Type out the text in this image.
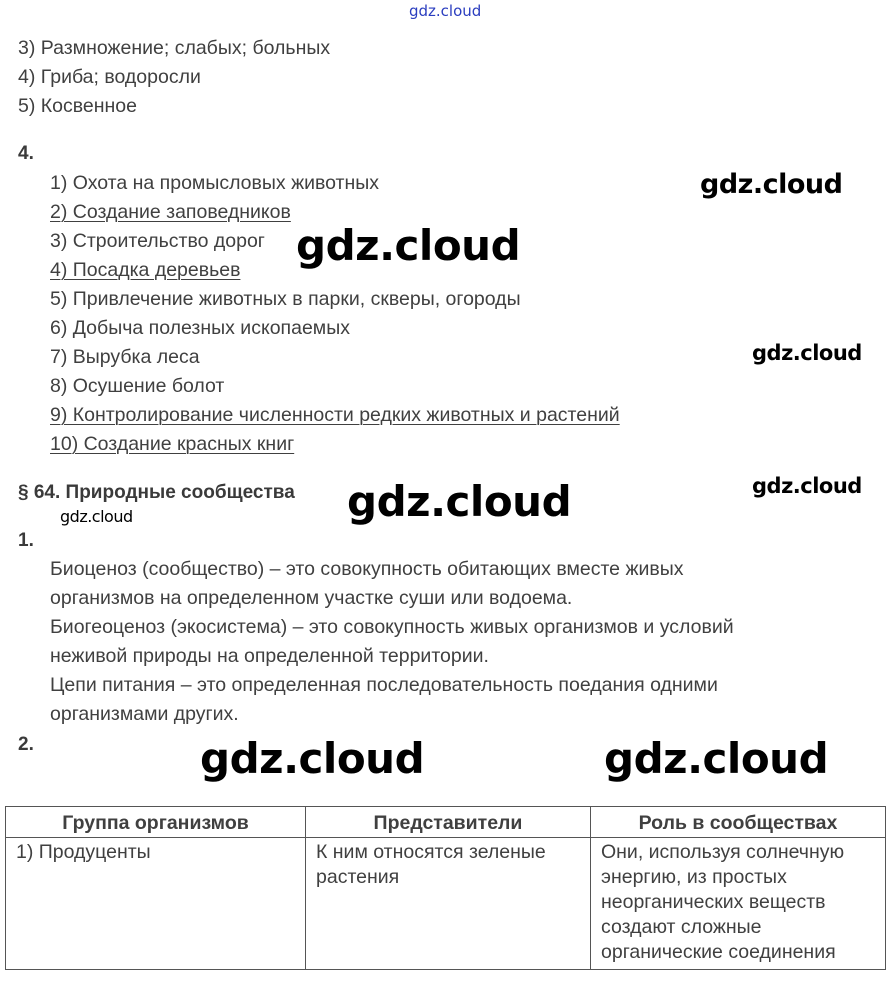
gdz.cloud
3) Размножение; слабых; больных
4) Гриба; водоросли
5) Косвенное
4.
1) Охота на промысловых животных
2) Создание заповедников
3) Строительство дорог
4) Посадка деревьев
5) Привлечение животных в парки, скверы, огороды
6) Добыча полезных ископаемых
7) Вырубка леса
8) Осушение болот
9) Контролирование численности редких животных и растений
10) Создание красных книг
§ 64. Природные сообщества
1.
Биоценоз (сообщество) – это совокупность обитающих вместе живых
организмов на определенном участке суши или водоема.
Биогеоценоз (экосистема) – это совокупность живых организмов и условий
неживой природы на определенной территории.
Цепи питания – это определенная последовательность поедания одними
организмами других.
2.
Группа организмов	Представители	Роль в сообществах
1) Продуценты	К ним относятся зеленые растения	Они, используя солнечную энергию, из простых неорганических веществ создают сложные органические соединения
gdz.cloud
gdz.cloud
gdz.cloud
gdz.cloud
gdz.cloud
gdz.cloud
gdz.cloud	gdz.cloud
